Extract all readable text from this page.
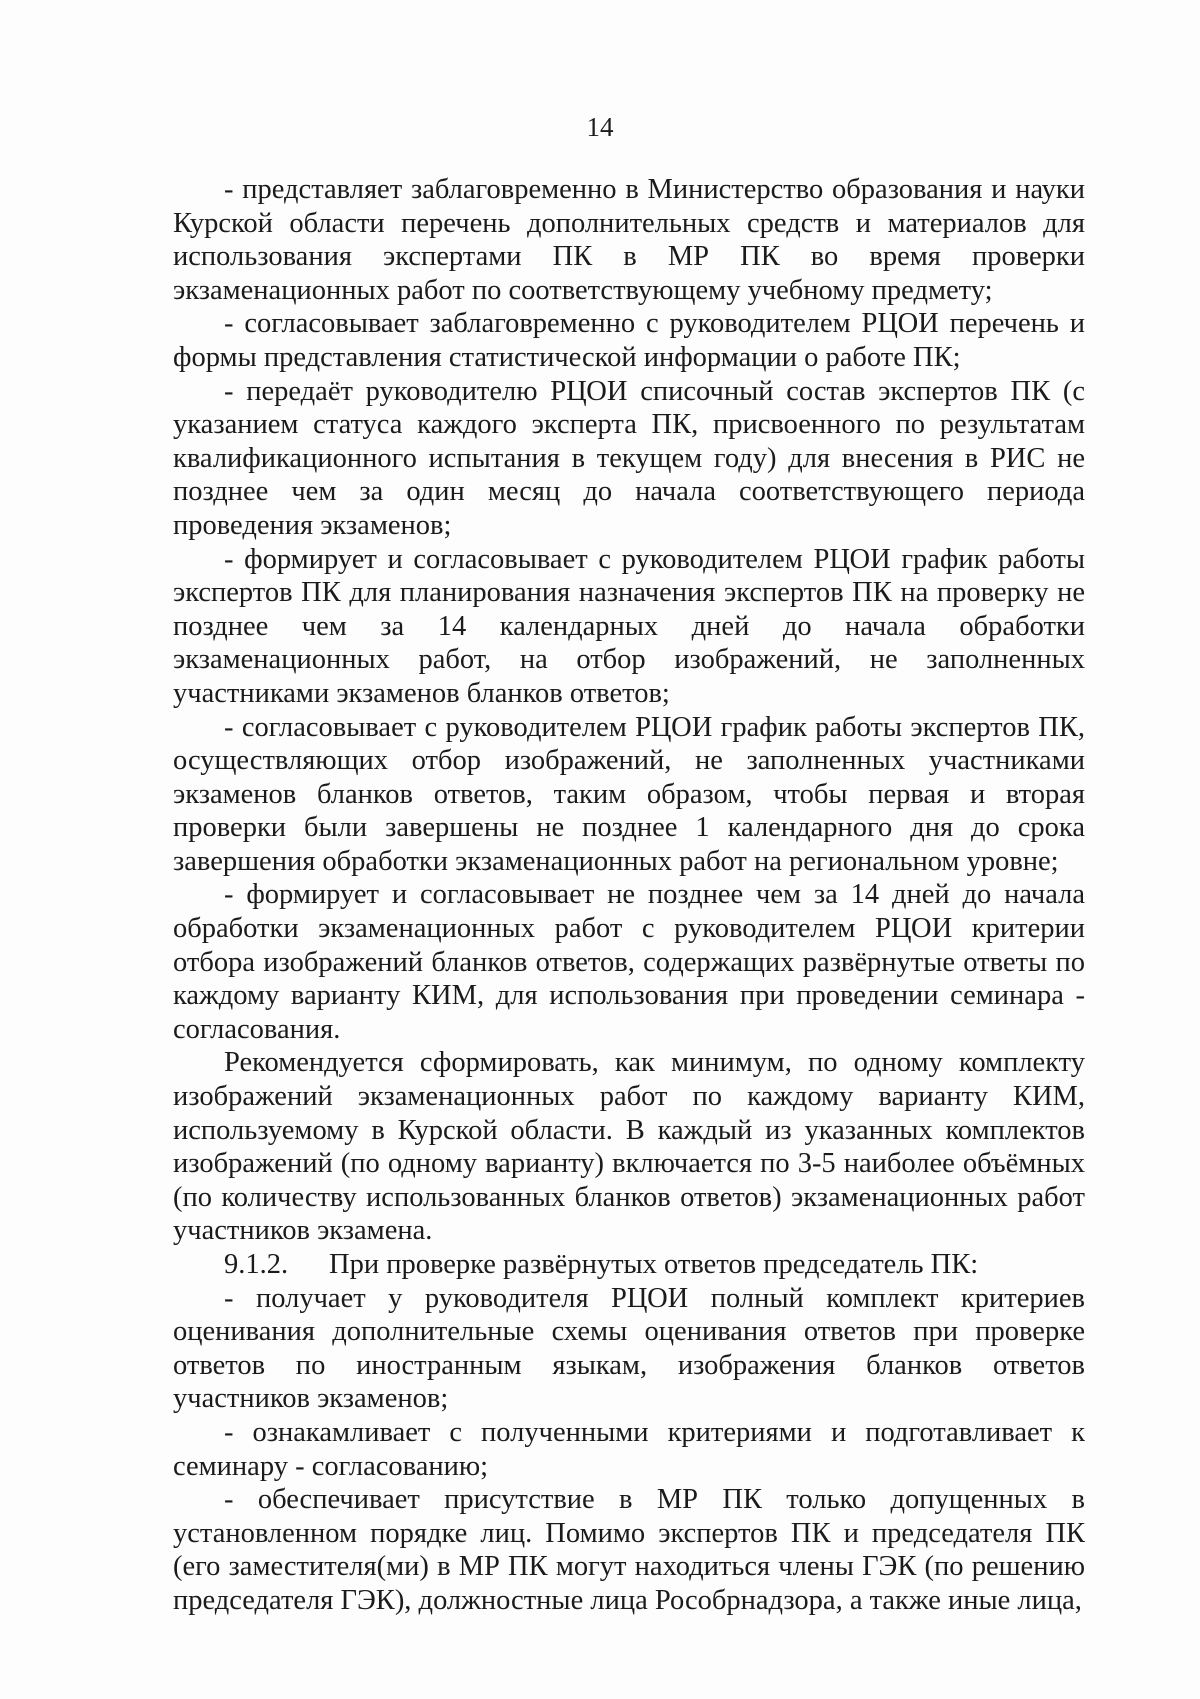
14

- представляет заблаговременно в Министерство образования и науки Курской области перечень дополнительных средств и материалов для использования экспертами ПК в МР ПК во время проверки экзаменационных работ по соответствующему учебному предмету;

- согласовывает заблаговременно с руководителем РЦОИ перечень и формы представления статистической информации о работе ПК;

- передаёт руководителю РЦОИ списочный состав экспертов ПК (с указанием статуса каждого эксперта ПК, присвоенного по результатам квалификационного испытания в текущем году) для внесения в РИС не позднее чем за один месяц до начала соответствующего периода проведения экзаменов;

- формирует и согласовывает с руководителем РЦОИ график работы экспертов ПК для планирования назначения экспертов ПК на проверку не позднее чем за 14 календарных дней до начала обработки экзаменационных работ, на отбор изображений, не заполненных участниками экзаменов бланков ответов;

- согласовывает с руководителем РЦОИ график работы экспертов ПК, осуществляющих отбор изображений, не заполненных участниками экзаменов бланков ответов, таким образом, чтобы первая и вторая проверки были завершены не позднее 1 календарного дня до срока завершения обработки экзаменационных работ на региональном уровне;

- формирует и согласовывает не позднее чем за 14 дней до начала обработки экзаменационных работ с руководителем РЦОИ критерии отбора изображений бланков ответов, содержащих развёрнутые ответы по каждому варианту КИМ, для использования при проведении семинара - согласования.

Рекомендуется сформировать, как минимум, по одному комплекту изображений экзаменационных работ по каждому варианту КИМ, используемому в Курской области. В каждый из указанных комплектов изображений (по одному варианту) включается по 3-5 наиболее объёмных (по количеству использованных бланков ответов) экзаменационных работ участников экзамена.

9.1.2. При проверке развёрнутых ответов председатель ПК:

- получает у руководителя РЦОИ полный комплект критериев оценивания дополнительные схемы оценивания ответов при проверке ответов по иностранным языкам, изображения бланков ответов участников экзаменов;

- ознакамливает с полученными критериями и подготавливает к семинару - согласованию;

- обеспечивает присутствие в МР ПК только допущенных в установленном порядке лиц. Помимо экспертов ПК и председателя ПК (его заместителя(ми) в МР ПК могут находиться члены ГЭК (по решению председателя ГЭК), должностные лица Рособрнадзора, а также иные лица,
